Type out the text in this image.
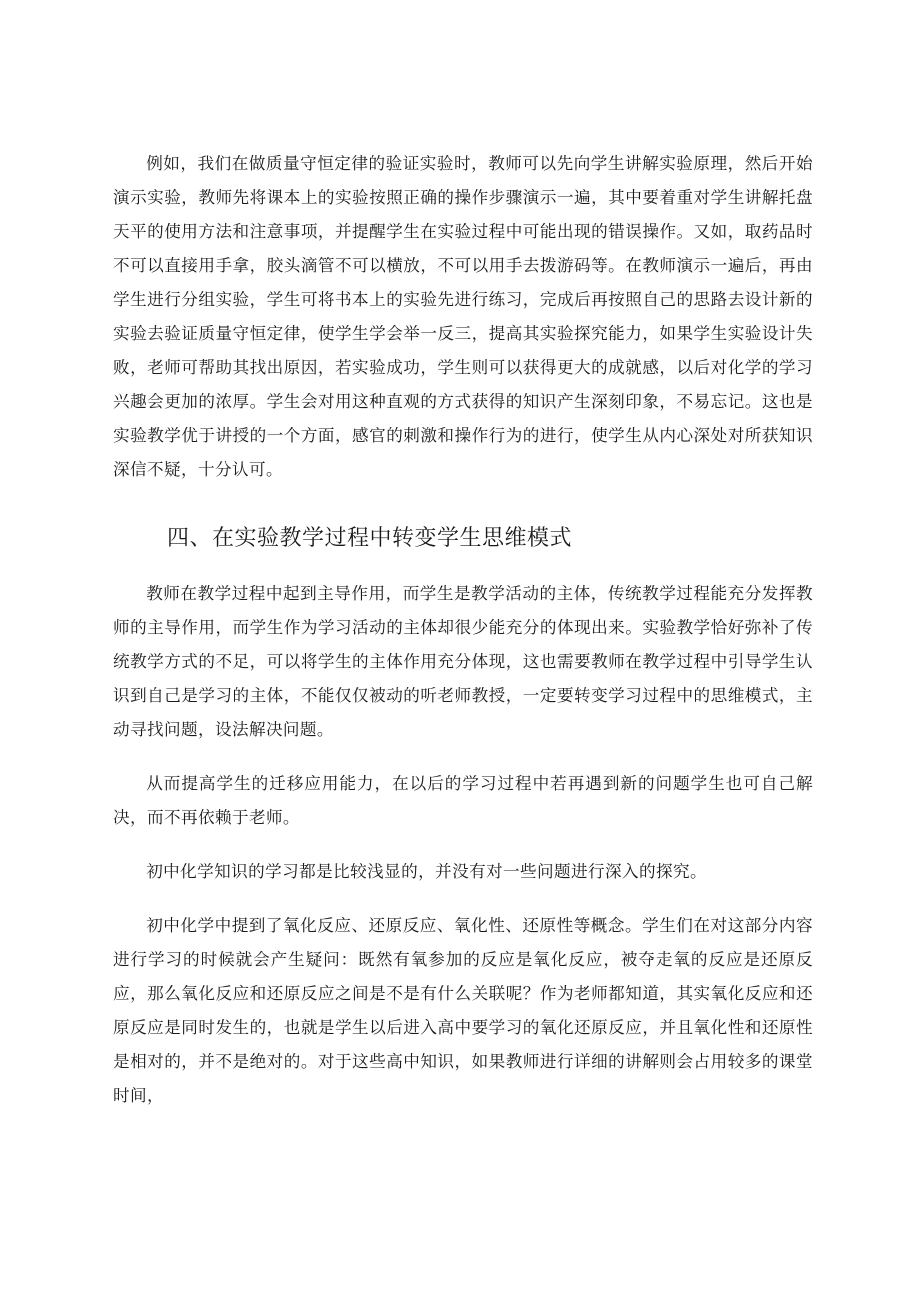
例如，我们在做质量守恒定律的验证实验时，教师可以先向学生讲解实验原理，然后开始演示实验，教师先将课本上的实验按照正确的操作步骤演示一遍，其中要着重对学生讲解托盘天平的使用方法和注意事项，并提醒学生在实验过程中可能出现的错误操作。又如，取药品时不可以直接用手拿，胶头滴管不可以横放，不可以用手去拨游码等。在教师演示一遍后，再由学生进行分组实验，学生可将书本上的实验先进行练习，完成后再按照自己的思路去设计新的实验去验证质量守恒定律，使学生学会举一反三，提高其实验探究能力，如果学生实验设计失败，老师可帮助其找出原因，若实验成功，学生则可以获得更大的成就感，以后对化学的学习兴趣会更加的浓厚。学生会对用这种直观的方式获得的知识产生深刻印象，不易忘记。这也是实验教学优于讲授的一个方面，感官的刺激和操作行为的进行，使学生从内心深处对所获知识深信不疑，十分认可。

四、在实验教学过程中转变学生思维模式

教师在教学过程中起到主导作用，而学生是教学活动的主体，传统教学过程能充分发挥教师的主导作用，而学生作为学习活动的主体却很少能充分的体现出来。实验教学恰好弥补了传统教学方式的不足，可以将学生的主体作用充分体现，这也需要教师在教学过程中引导学生认识到自己是学习的主体，不能仅仅被动的听老师教授，一定要转变学习过程中的思维模式，主动寻找问题，设法解决问题。

从而提高学生的迁移应用能力，在以后的学习过程中若再遇到新的问题学生也可自己解决，而不再依赖于老师。

初中化学知识的学习都是比较浅显的，并没有对一些问题进行深入的探究。

初中化学中提到了氧化反应、还原反应、氧化性、还原性等概念。学生们在对这部分内容进行学习的时候就会产生疑问：既然有氧参加的反应是氧化反应，被夺走氧的反应是还原反应，那么氧化反应和还原反应之间是不是有什么关联呢？作为老师都知道，其实氧化反应和还原反应是同时发生的，也就是学生以后进入高中要学习的氧化还原反应，并且氧化性和还原性是相对的，并不是绝对的。对于这些高中知识，如果教师进行详细的讲解则会占用较多的课堂时间，
